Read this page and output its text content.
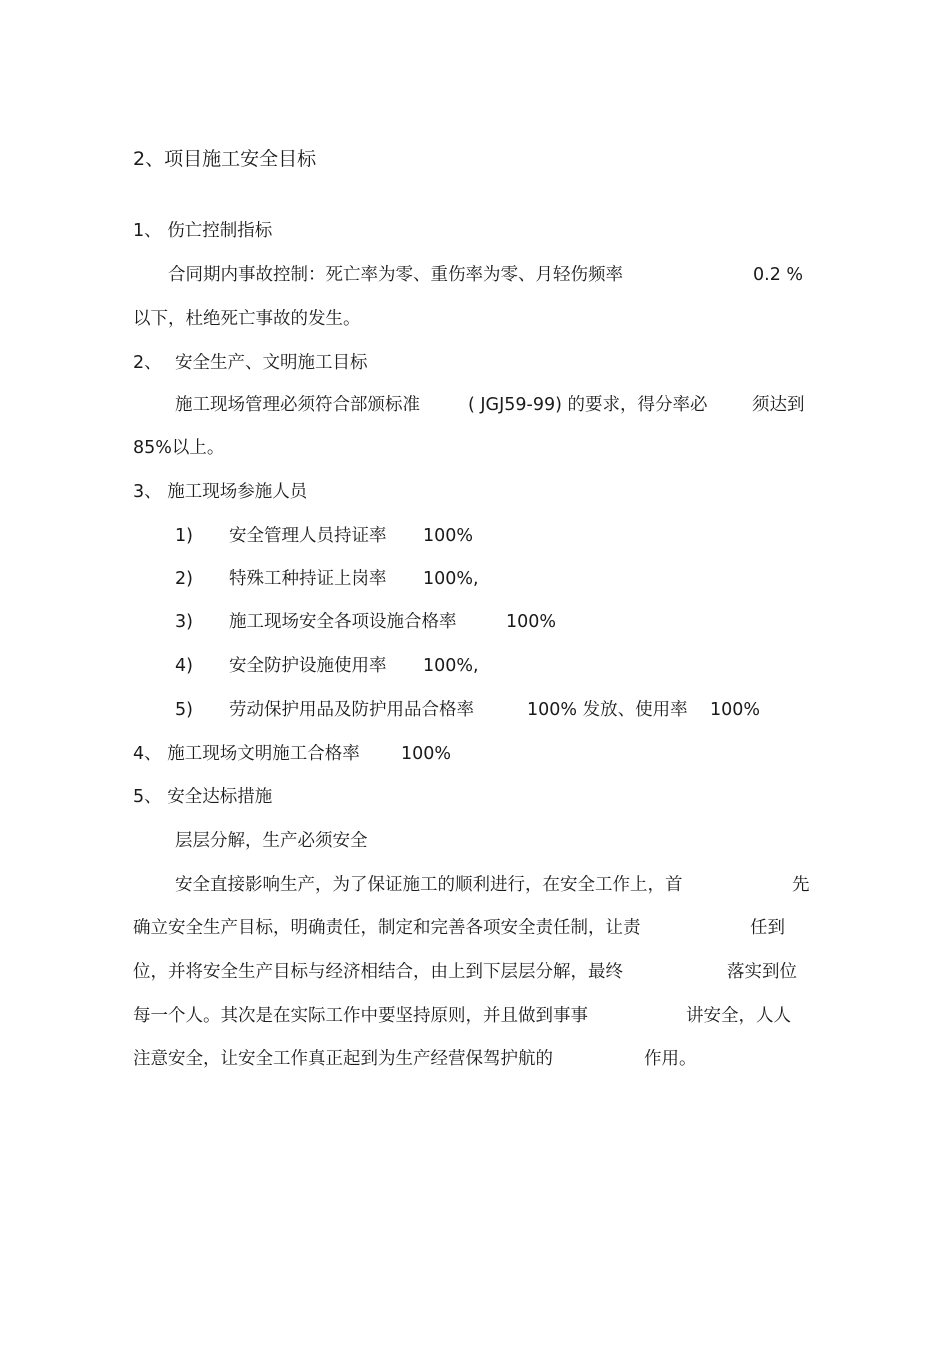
2、项目施工安全目标
1、 伤亡控制指标
合同期内事故控制：死亡率为零、重伤率为零、月轻伤频率	0.2 %
以下，杜绝死亡事故的发生。
2、 安全生产、文明施工目标
施工现场管理必须符合部颁标准	( JGJ59-99) 的要求，得分率必	须达到
85%以上。
3、 施工现场参施人员
1) 安全管理人员持证率 100%
2) 特殊工种持证上岗率 100%,
3) 施工现场安全各项设施合格率	100%
4) 安全防护设施使用率 100%,
5) 劳动保护用品及防护用品合格率	100% 发放、使用率 100%
4、 施工现场文明施工合格率 100%
5、 安全达标措施
层层分解，生产必须安全
安全直接影响生产，为了保证施工的顺利进行，在安全工作上，首	先
确立安全生产目标，明确责任，制定和完善各项安全责任制，让责	任到
位，并将安全生产目标与经济相结合，由上到下层层分解，最终	落实到位
每一个人。其次是在实际工作中要坚持原则，并且做到事事	讲安全，人人
注意安全，让安全工作真正起到为生产经营保驾护航的	作用。
